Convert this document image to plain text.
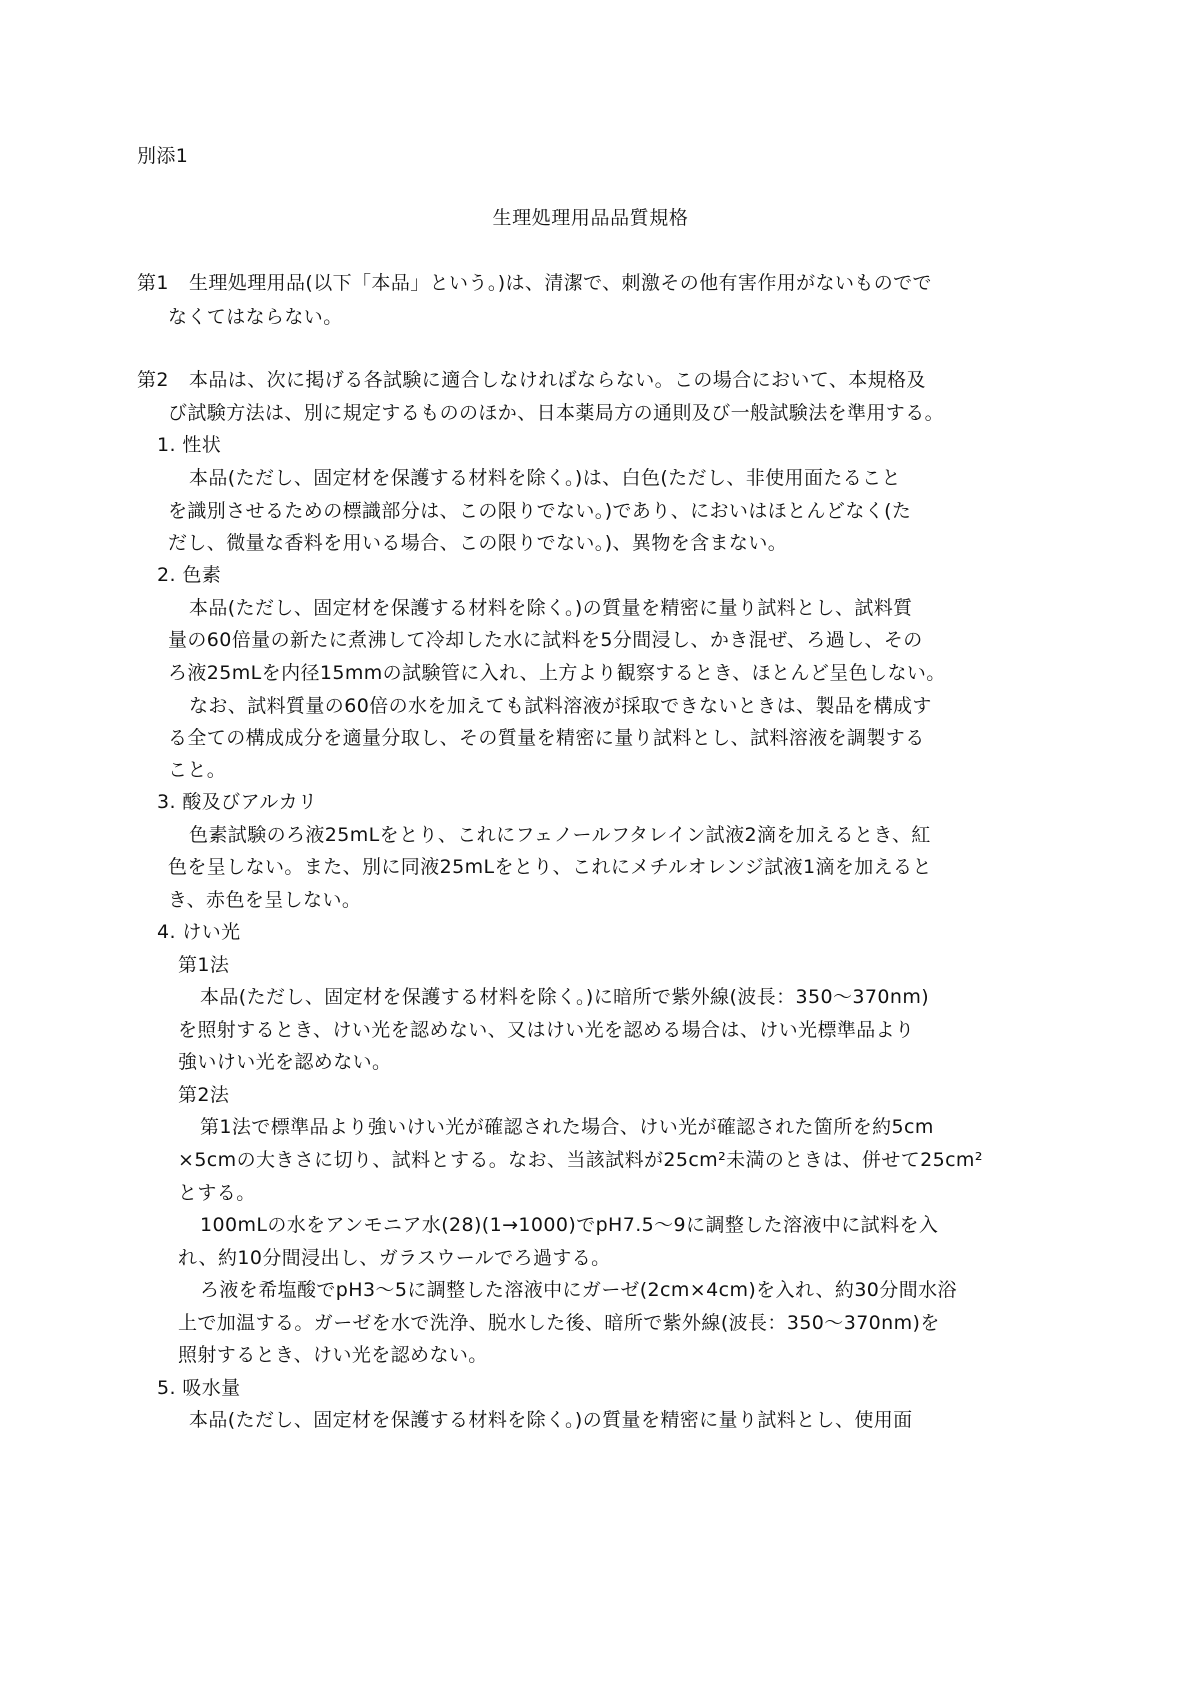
別添1
生理処理用品品質規格
第1 生理処理用品(以下「本品」という。)は、清潔で、刺激その他有害作用がないものでで
なくてはならない。
第2 本品は、次に掲げる各試験に適合しなければならない。この場合において、本規格及
び試験方法は、別に規定するもののほか、日本薬局方の通則及び一般試験法を準用する。
1. 性状
本品(ただし、固定材を保護する材料を除く。)は、白色(ただし、非使用面たること
を識別させるための標識部分は、この限りでない。)であり、においはほとんどなく(た
だし、微量な香料を用いる場合、この限りでない。)、異物を含まない。
2. 色素
本品(ただし、固定材を保護する材料を除く。)の質量を精密に量り試料とし、試料質
量の60倍量の新たに煮沸して冷却した水に試料を5分間浸し、かき混ぜ、ろ過し、その
ろ液25mLを内径15mmの試験管に入れ、上方より観察するとき、ほとんど呈色しない。
なお、試料質量の60倍の水を加えても試料溶液が採取できないときは、製品を構成す
る全ての構成成分を適量分取し、その質量を精密に量り試料とし、試料溶液を調製する
こと。
3. 酸及びアルカリ
色素試験のろ液25mLをとり、これにフェノールフタレイン試液2滴を加えるとき、紅
色を呈しない。また、別に同液25mLをとり、これにメチルオレンジ試液1滴を加えると
き、赤色を呈しない。
4. けい光
第1法
本品(ただし、固定材を保護する材料を除く。)に暗所で紫外線(波長：350～370nm)
を照射するとき、けい光を認めない、又はけい光を認める場合は、けい光標準品より
強いけい光を認めない。
第2法
第1法で標準品より強いけい光が確認された場合、けい光が確認された箇所を約5cm
×5cmの大きさに切り、試料とする。なお、当該試料が25cm²未満のときは、併せて25cm²
とする。
100mLの水をアンモニア水(28)(1→1000)でpH7.5～9に調整した溶液中に試料を入
れ、約10分間浸出し、ガラスウールでろ過する。
ろ液を希塩酸でpH3～5に調整した溶液中にガーゼ(2cm×4cm)を入れ、約30分間水浴
上で加温する。ガーゼを水で洗浄、脱水した後、暗所で紫外線(波長：350～370nm)を
照射するとき、けい光を認めない。
5. 吸水量
本品(ただし、固定材を保護する材料を除く。)の質量を精密に量り試料とし、使用面
